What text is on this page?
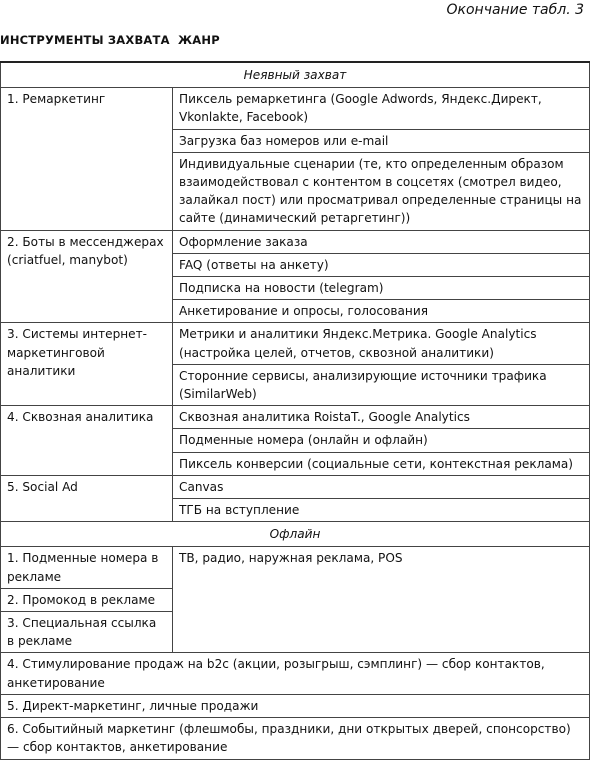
Окончание табл. 3
ИНСТРУМЕНТЫ ЗАХВАТА ЖАНР
Неявный захват	
1. Ремаркетинг	Пиксель ремаркетинга (Google Adwords, Яндекс.Директ, Vkonlakte, Facebook)
	Загрузка баз номеров или e-mail
	Индивидуальные сценарии (те, кто определенным образом взаимодействовал с контентом в соцсетях (смотрел видео, залайкал пост) или просматривал определенные страницы на сайте (динамический ретаргетинг))
2. Боты в мессенджерах (criatfuel, manybot)	Оформление заказа
	FAQ (ответы на анкету)
	Подписка на новости (telegram)
	Анкетирование и опросы, голосования
3. Системы интернет-маркетинговой аналитики	Метрики и аналитики Яндекс.Метрика. Google Analytics (настройка целей, отчетов, сквозной аналитики)
	Сторонние сервисы, анализирующие источники трафика (SimilarWeb)
4. Сквозная аналитика	Сквозная аналитика RoistaT., Google Analytics
	Подменные номера (онлайн и офлайн)
	Пиксель конверсии (социальные сети, контекстная реклама)
5. Social Ad	Canvas
	ТГБ на вступление
Офлайн	
1. Подменные номера в рекламе	ТВ, радио, наружная реклама, POS
2. Промокод в рекламе	
3. Специальная ссылка в рекламе	
4. Стимулирование продаж на b2c (акции, розыгрыш, сэмплинг) — сбор контактов, анкетирование	
5. Директ-маркетинг, личные продажи	
6. Событийный маркетинг (флешмобы, праздники, дни открытых дверей, спонсорство) — сбор контактов, анкетирование	
